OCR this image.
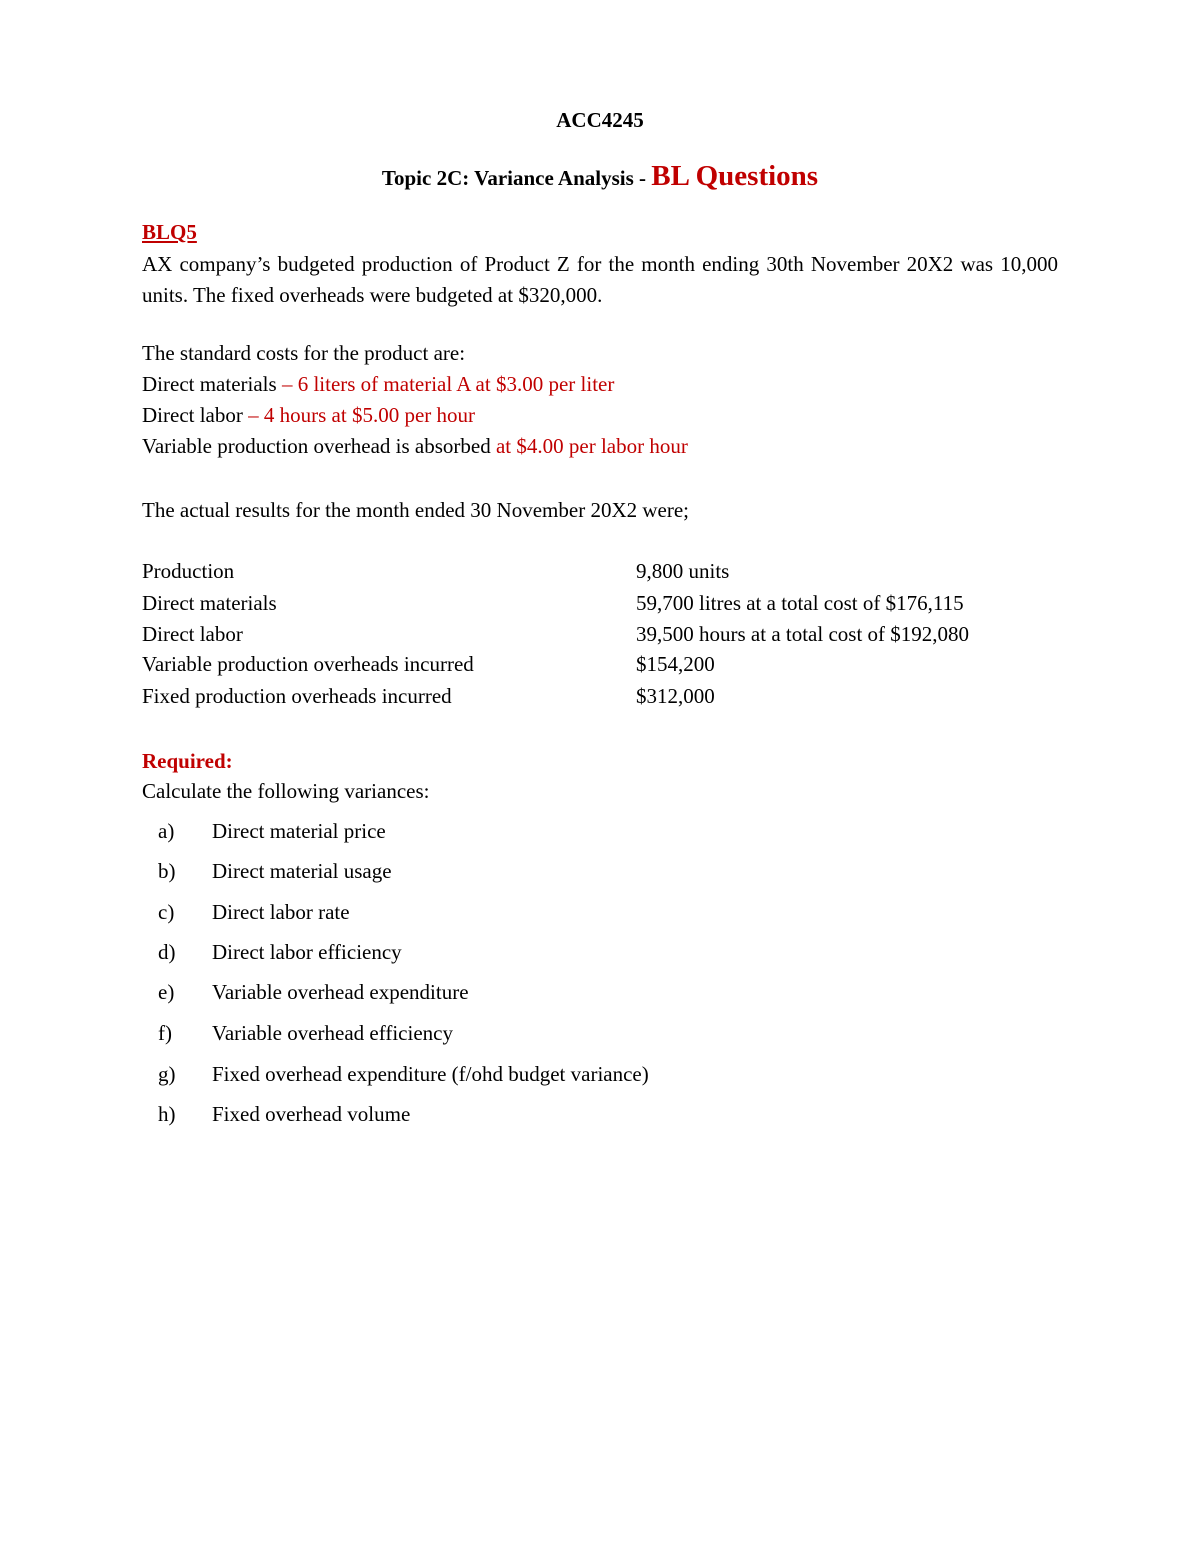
ACC4245
Topic 2C: Variance Analysis - BL Questions
BLQ5
AX company’s budgeted production of Product Z for the month ending 30th November 20X2 was 10,000 units. The fixed overheads were budgeted at $320,000.
The standard costs for the product are:
Direct materials – 6 liters of material A at $3.00 per liter
Direct labor – 4 hours at $5.00 per hour
Variable production overhead is absorbed at $4.00 per labor hour
The actual results for the month ended 30 November 20X2 were;
Production	9,800 units
Direct materials	59,700 litres at a total cost of $176,115
Direct labor	39,500 hours at a total cost of $192,080
Variable production overheads incurred	$154,200
Fixed production overheads incurred	$312,000
Required:
Calculate the following variances:
a) Direct material price
b) Direct material usage
c) Direct labor rate
d) Direct labor efficiency
e) Variable overhead expenditure
f) Variable overhead efficiency
g) Fixed overhead expenditure (f/ohd budget variance)
h) Fixed overhead volume
